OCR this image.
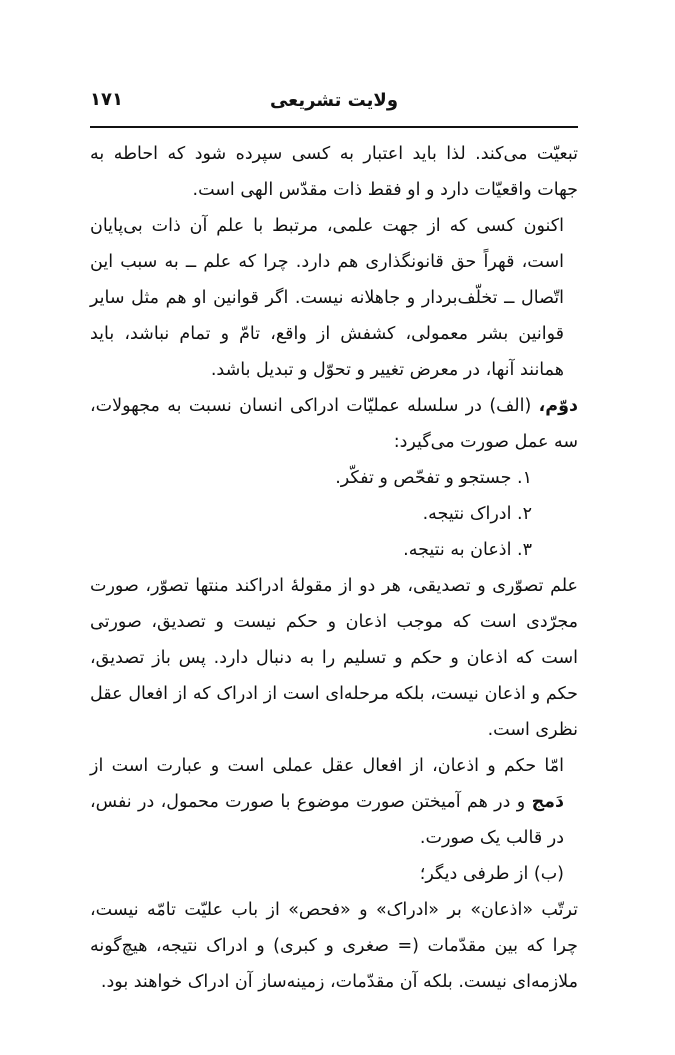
ولایت تشریعی
۱۷۱

تبعیّت می‌کند. لذا باید اعتبار به کسی سپرده شود که احاطه به جهات واقعیّات دارد و او فقط ذات مقدّس الهی است.

اکنون کسی که از جهت علمی، مرتبط با علم آن ذات بی‌پایان است، قهراً حق قانونگذاری هم دارد. چرا که علم ــ به سبب این اتّصال ــ تخلّف‌بردار و جاهلانه نیست. اگر قوانین او هم مثل سایر قوانین بشر معمولی، کشفش از واقع، تامّ و تمام نباشد، باید همانند آنها، در معرض تغییر و تحوّل و تبدیل باشد.

دوّم، (الف) در سلسله عملیّات ادراکی انسان نسبت به مجهولات، سه عمل صورت می‌گیرد:

۱. جستجو و تفحّص و تفکّر.

۲. ادراک نتیجه.

۳. اذعان به نتیجه.

علم تصوّری و تصدیقی، هر دو از مقولهٔ ادراکند منتها تصوّر، صورت مجرّدی است که موجب اذعان و حکم نیست و تصدیق، صورتی است که اذعان و حکم و تسلیم را به دنبال دارد. پس باز تصدیق، حکم و اذعان نیست، بلکه مرحله‌ای است از ادراک که از افعال عقل نظری است.

امّا حکم و اذعان، از افعال عقل عملی است و عبارت است از دَمج و در هم آمیختن صورت موضوع با صورت محمول، در نفس، در قالب یک صورت.

(ب) از طرفی دیگر؛

ترتّب «اذعان» بر «ادراک» و «فحص» از باب علیّت تامّه نیست، چرا که بین مقدّمات (= صغری و کبری) و ادراک نتیجه، هیچ‌گونه ملازمه‌ای نیست. بلکه آن مقدّمات، زمینه‌ساز آن ادراک خواهند بود.
